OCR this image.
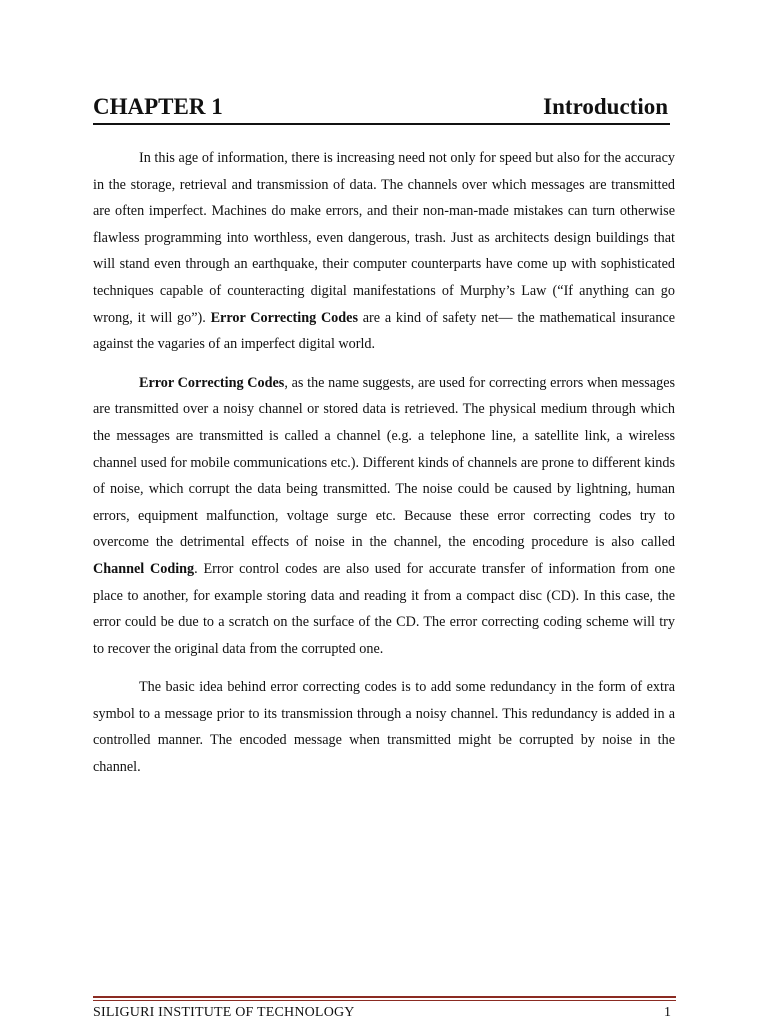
CHAPTER 1	Introduction

In this age of information, there is increasing need not only for speed but also for the accuracy in the storage, retrieval and transmission of data. The channels over which messages are transmitted are often imperfect. Machines do make errors, and their non-man-made mistakes can turn otherwise flawless programming into worthless, even dangerous, trash. Just as architects design buildings that will stand even through an earthquake, their computer counterparts have come up with sophisticated techniques capable of counteracting digital manifestations of Murphy’s Law (“If anything can go wrong, it will go”). Error Correcting Codes are a kind of safety net— the mathematical insurance against the vagaries of an imperfect digital world.

Error Correcting Codes, as the name suggests, are used for correcting errors when messages are transmitted over a noisy channel or stored data is retrieved. The physical medium through which the messages are transmitted is called a channel (e.g. a telephone line, a satellite link, a wireless channel used for mobile communications etc.). Different kinds of channels are prone to different kinds of noise, which corrupt the data being transmitted. The noise could be caused by lightning, human errors, equipment malfunction, voltage surge etc. Because these error correcting codes try to overcome the detrimental effects of noise in the channel, the encoding procedure is also called Channel Coding. Error control codes are also used for accurate transfer of information from one place to another, for example storing data and reading it from a compact disc (CD). In this case, the error could be due to a scratch on the surface of the CD. The error correcting coding scheme will try to recover the original data from the corrupted one.

The basic idea behind error correcting codes is to add some redundancy in the form of extra symbol to a message prior to its transmission through a noisy channel. This redundancy is added in a controlled manner. The encoded message when transmitted might be corrupted by noise in the channel.

SILIGURI INSTITUTE OF TECHNOLOGY	1
